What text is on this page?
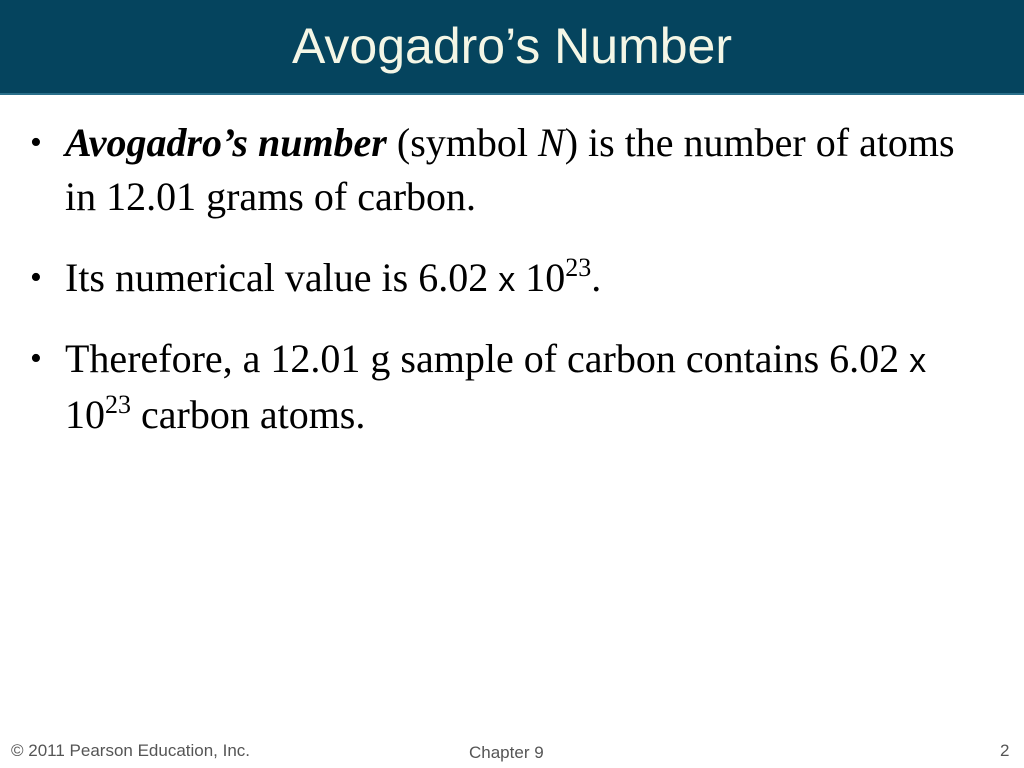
Avogadro’s Number
• Avogadro’s number (symbol N) is the number of atoms in 12.01 grams of carbon.
• Its numerical value is 6.02 x $10^{23}$.
• Therefore, a 12.01 g sample of carbon contains 6.02 x $10^{23}$ carbon atoms.
© 2011 Pearson Education, Inc.	Chapter 9	2
